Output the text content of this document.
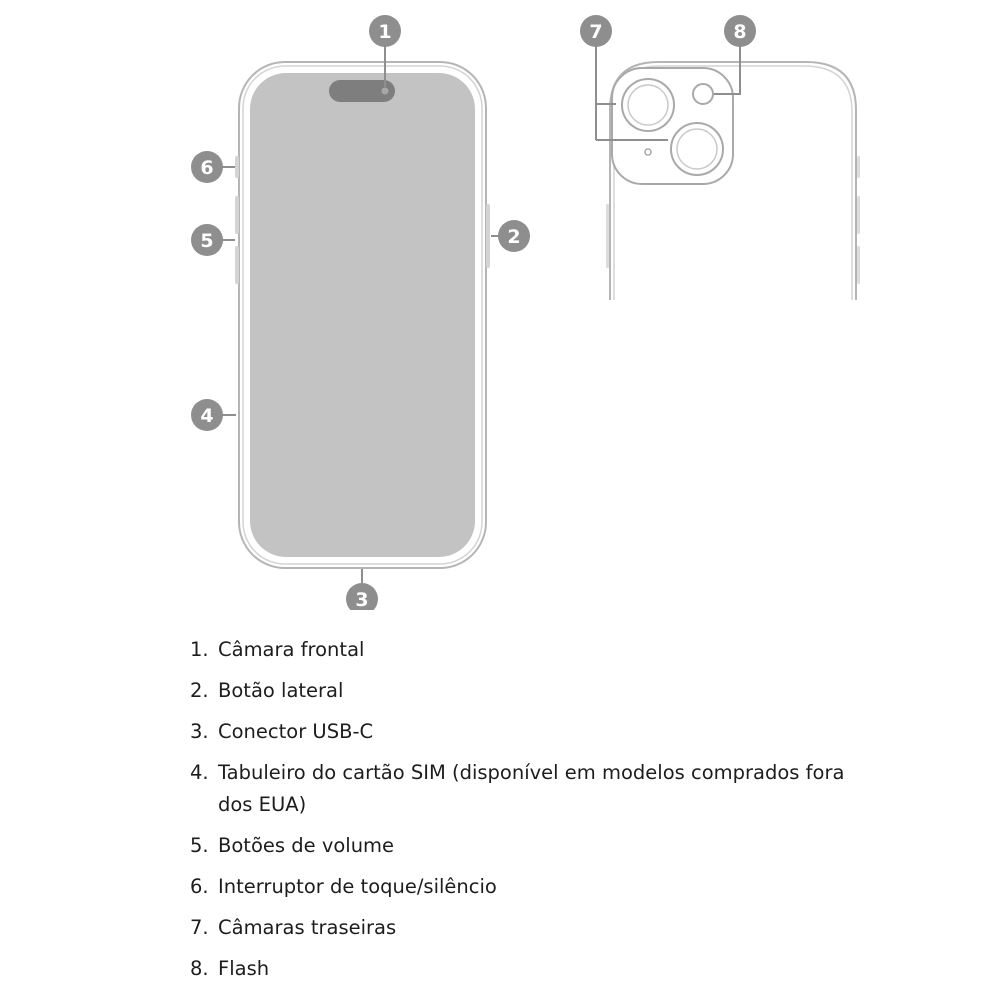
1
2
3
4
5
6
7	8
1. Câmara frontal
2. Botão lateral
3. Conector USB-C
4. Tabuleiro do cartão SIM (disponível em modelos comprados fora dos EUA)
5. Botões de volume
6. Interruptor de toque/silêncio
7. Câmaras traseiras
8. Flash
